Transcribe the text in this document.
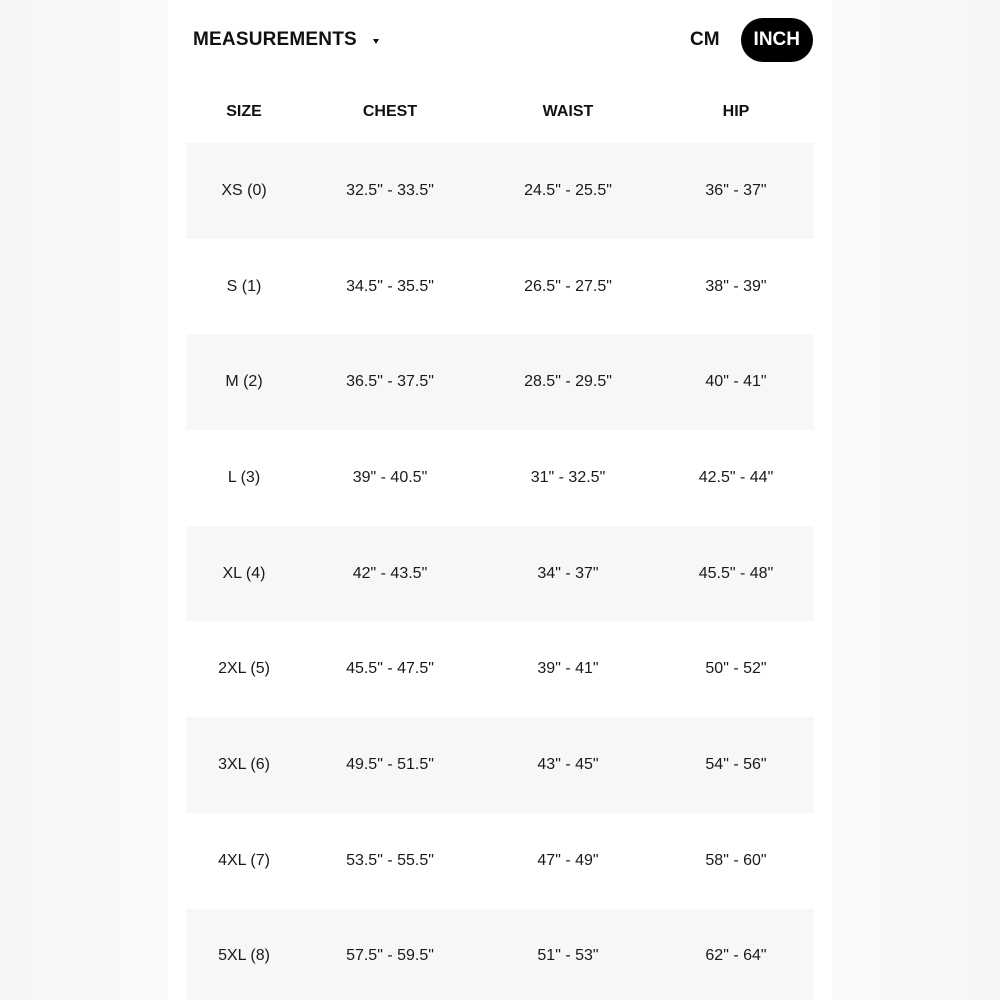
MEASUREMENTS	CM	INCH
SIZE	CHEST	WAIST	HIP
XS (0)	32.5" - 33.5"	24.5" - 25.5"	36" - 37"
S (1)	34.5" - 35.5"	26.5" - 27.5"	38" - 39"
M (2)	36.5" - 37.5"	28.5" - 29.5"	40" - 41"
L (3)	39" - 40.5"	31" - 32.5"	42.5" - 44"
XL (4)	42" - 43.5"	34" - 37"	45.5" - 48"
2XL (5)	45.5" - 47.5"	39" - 41"	50" - 52"
3XL (6)	49.5" - 51.5"	43" - 45"	54" - 56"
4XL (7)	53.5" - 55.5"	47" - 49"	58" - 60"
5XL (8)	57.5" - 59.5"	51" - 53"	62" - 64"
